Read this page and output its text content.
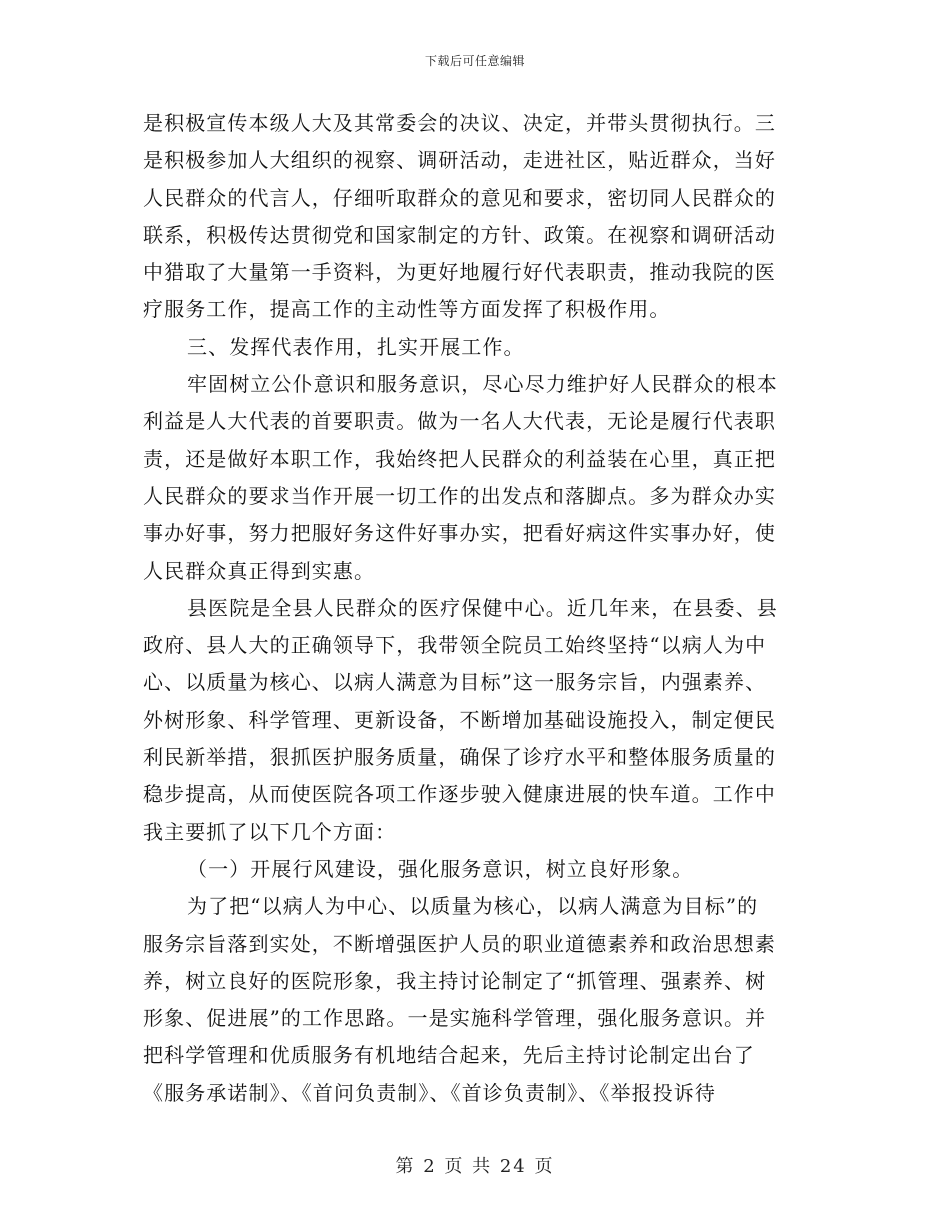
下载后可任意编辑
是积极宣传本级人大及其常委会的决议、决定，并带头贯彻执行。三
是积极参加人大组织的视察、调研活动，走进社区，贴近群众，当好
人民群众的代言人，仔细听取群众的意见和要求，密切同人民群众的
联系，积极传达贯彻党和国家制定的方针、政策。在视察和调研活动
中猎取了大量第一手资料，为更好地履行好代表职责，推动我院的医
疗服务工作，提高工作的主动性等方面发挥了积极作用。
三、发挥代表作用，扎实开展工作。
牢固树立公仆意识和服务意识，尽心尽力维护好人民群众的根本
利益是人大代表的首要职责。做为一名人大代表，无论是履行代表职
责，还是做好本职工作，我始终把人民群众的利益装在心里，真正把
人民群众的要求当作开展一切工作的出发点和落脚点。多为群众办实
事办好事，努力把服好务这件好事办实，把看好病这件实事办好，使
人民群众真正得到实惠。
县医院是全县人民群众的医疗保健中心。近几年来，在县委、县
政府、县人大的正确领导下，我带领全院员工始终坚持“以病人为中
心、以质量为核心、以病人满意为目标”这一服务宗旨，内强素养、
外树形象、科学管理、更新设备，不断增加基础设施投入，制定便民
利民新举措，狠抓医护服务质量，确保了诊疗水平和整体服务质量的
稳步提高，从而使医院各项工作逐步驶入健康进展的快车道。工作中
我主要抓了以下几个方面：
（一）开展行风建设，强化服务意识，树立良好形象。
为了把“以病人为中心、以质量为核心，以病人满意为目标”的
服务宗旨落到实处，不断增强医护人员的职业道德素养和政治思想素
养，树立良好的医院形象，我主持讨论制定了“抓管理、强素养、树
形象、促进展”的工作思路。一是实施科学管理，强化服务意识。并
把科学管理和优质服务有机地结合起来，先后主持讨论制定出台了
《服务承诺制》、《首问负责制》、《首诊负责制》、《举报投诉待
第 2 页 共 24 页
